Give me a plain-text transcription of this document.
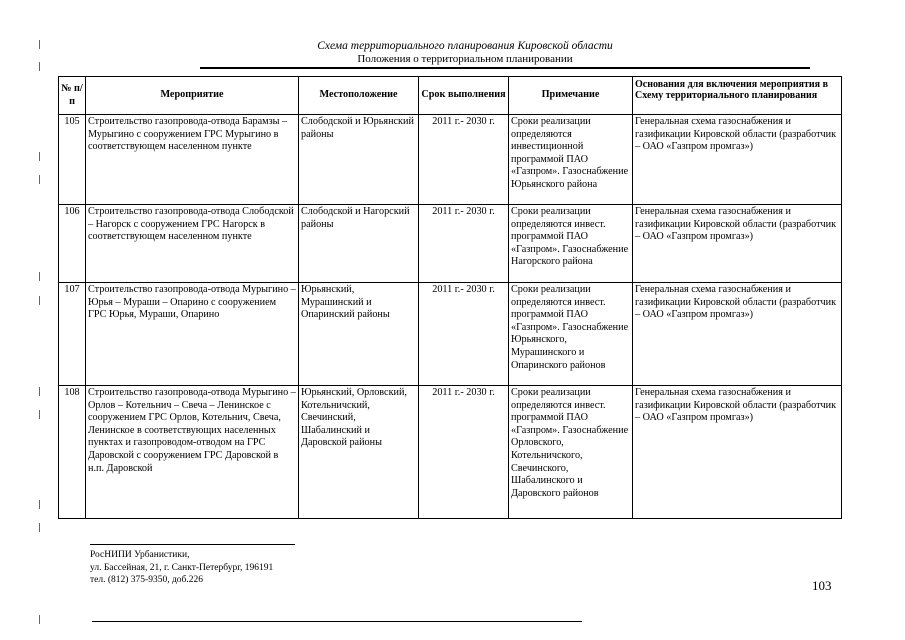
Схема территориального планирования Кировской области
Положения о территориальном планировании
№ п/п	Мероприятие	Местоположение	Срок выполнения	Примечание	Основания для включения мероприятия в Схему территориального планирования
105	Строительство газопровода-отвода Барамзы – Мурыгино с сооружением ГРС Мурыгино в соответствующем населенном пункте	Слободской и Юрьянский районы	2011 г.- 2030 г.	Сроки реализации определяются инвестиционной программой ПАО «Газпром». Газоснабжение Юрьянского района	Генеральная схема газоснабжения и газификации Кировской области (разработчик – ОАО «Газпром промгаз»)
106	Строительство газопровода-отвода Слободской – Нагорск с сооружением ГРС Нагорск в соответствующем населенном пункте	Слободской и Нагорский районы	2011 г.- 2030 г.	Сроки реализации определяются инвест. программой ПАО «Газпром». Газоснабжение Нагорского района	Генеральная схема газоснабжения и газификации Кировской области (разработчик – ОАО «Газпром промгаз»)
107	Строительство газопровода-отвода Мурыгино – Юрья – Мураши – Опарино с сооружением ГРС Юрья, Мураши, Опарино	Юрьянский, Мурашинский и Опаринский районы	2011 г.- 2030 г.	Сроки реализации определяются инвест. программой ПАО «Газпром». Газоснабжение Юрьянского, Мурашинского и Опаринского районов	Генеральная схема газоснабжения и газификации Кировской области (разработчик – ОАО «Газпром промгаз»)
108	Строительство газопровода-отвода Мурыгино – Орлов – Котельнич – Свеча – Ленинское с сооружением ГРС Орлов, Котельнич, Свеча, Ленинское в соответствующих населенных пунктах и газопроводом-отводом на ГРС Даровской с сооружением ГРС Даровской в н.п. Даровской	Юрьянский, Орловский, Котельничский, Свечинский, Шабалинский и Даровской районы	2011 г.- 2030 г.	Сроки реализации определяются инвест. программой ПАО «Газпром». Газоснабжение Орловского, Котельничского, Свечинского, Шабалинского и Даровского районов	Генеральная схема газоснабжения и газификации Кировской области (разработчик – ОАО «Газпром промгаз»)
РосНИПИ Урбанистики,
ул. Бассейная, 21, г. Санкт-Петербург, 196191
тел. (812) 375-9350, доб.226	103
